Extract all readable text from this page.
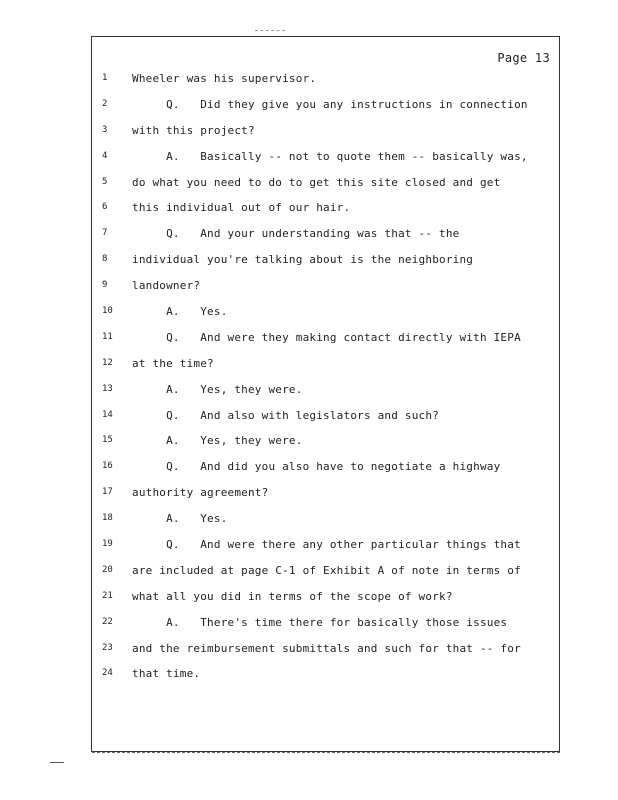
Page 13
1	Wheeler was his supervisor.
2	Q.   Did they give you any instructions in connection
3	with this project?
4	A.   Basically -- not to quote them -- basically was,
5	do what you need to do to get this site closed and get
6	this individual out of our hair.
7	Q.   And your understanding was that -- the
8	individual you're talking about is the neighboring
9	landowner?
10	A.   Yes.
11	Q.   And were they making contact directly with IEPA
12	at the time?
13	A.   Yes, they were.
14	Q.   And also with legislators and such?
15	A.   Yes, they were.
16	Q.   And did you also have to negotiate a highway
17	authority agreement?
18	A.   Yes.
19	Q.   And were there any other particular things that
20	are included at page C-1 of Exhibit A of note in terms of
21	what all you did in terms of the scope of work?
22	A.   There's time there for basically those issues
23	and the reimbursement submittals and such for that -- for
24	that time.
